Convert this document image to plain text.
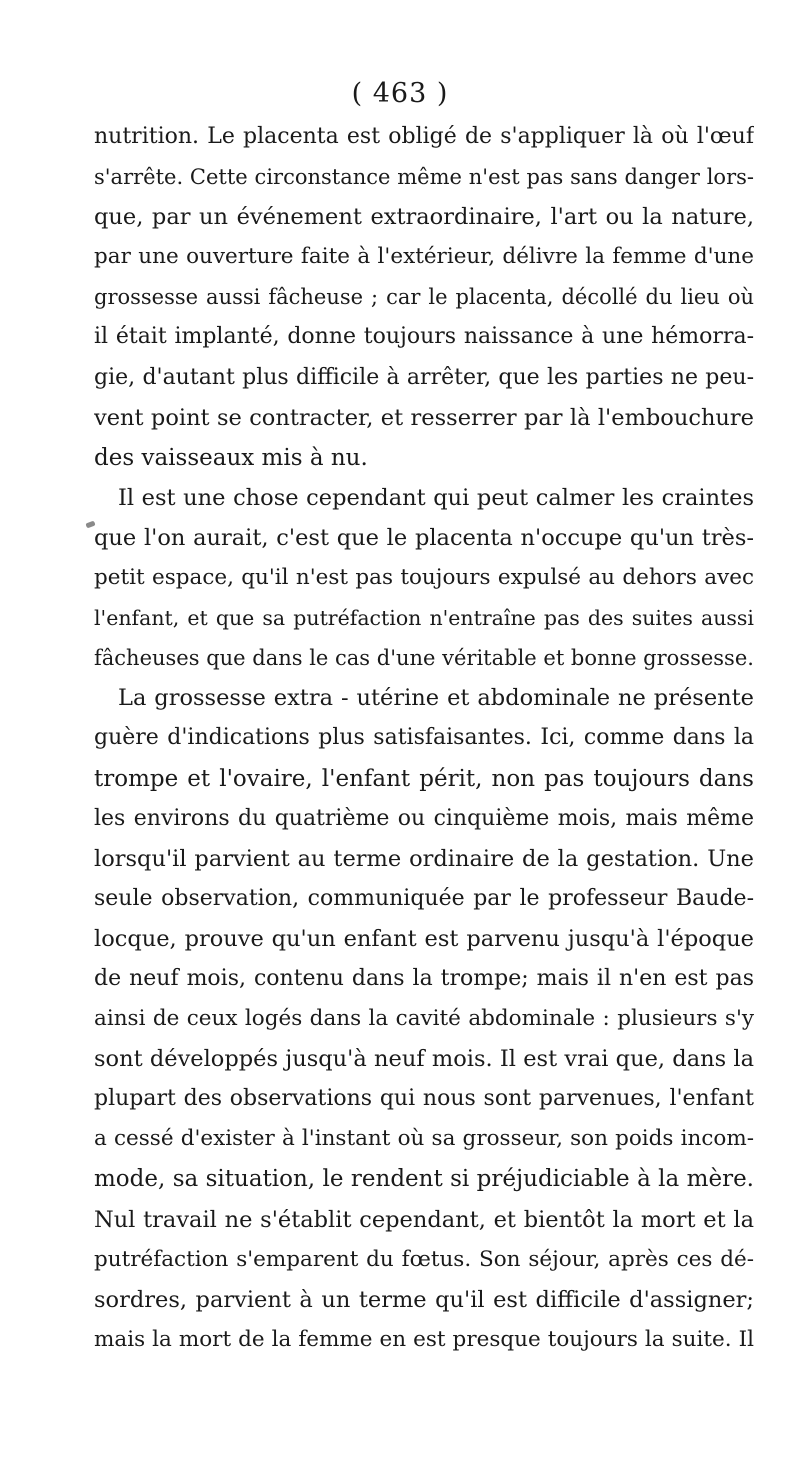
( 463 )
nutrition. Le placenta est obligé de s'appliquer là où l'œuf
s'arrête. Cette circonstance même n'est pas sans danger lors-
que, par un événement extraordinaire, l'art ou la nature,
par une ouverture faite à l'extérieur, délivre la femme d'une
grossesse aussi fâcheuse ; car le placenta, décollé du lieu où
il était implanté, donne toujours naissance à une hémorra-
gie, d'autant plus difficile à arrêter, que les parties ne peu-
vent point se contracter, et resserrer par là l'embouchure
des vaisseaux mis à nu.
Il est une chose cependant qui peut calmer les craintes
que l'on aurait, c'est que le placenta n'occupe qu'un très-
petit espace, qu'il n'est pas toujours expulsé au dehors avec
l'enfant, et que sa putréfaction n'entraîne pas des suites aussi
fâcheuses que dans le cas d'une véritable et bonne grossesse.
La grossesse extra - utérine et abdominale ne présente
guère d'indications plus satisfaisantes. Ici, comme dans la
trompe et l'ovaire, l'enfant périt, non pas toujours dans
les environs du quatrième ou cinquième mois, mais même
lorsqu'il parvient au terme ordinaire de la gestation. Une
seule observation, communiquée par le professeur Baude-
locque, prouve qu'un enfant est parvenu jusqu'à l'époque
de neuf mois, contenu dans la trompe; mais il n'en est pas
ainsi de ceux logés dans la cavité abdominale : plusieurs s'y
sont développés jusqu'à neuf mois. Il est vrai que, dans la
plupart des observations qui nous sont parvenues, l'enfant
a cessé d'exister à l'instant où sa grosseur, son poids incom-
mode, sa situation, le rendent si préjudiciable à la mère.
Nul travail ne s'établit cependant, et bientôt la mort et la
putréfaction s'emparent du fœtus. Son séjour, après ces dé-
sordres, parvient à un terme qu'il est difficile d'assigner;
mais la mort de la femme en est presque toujours la suite. Il
